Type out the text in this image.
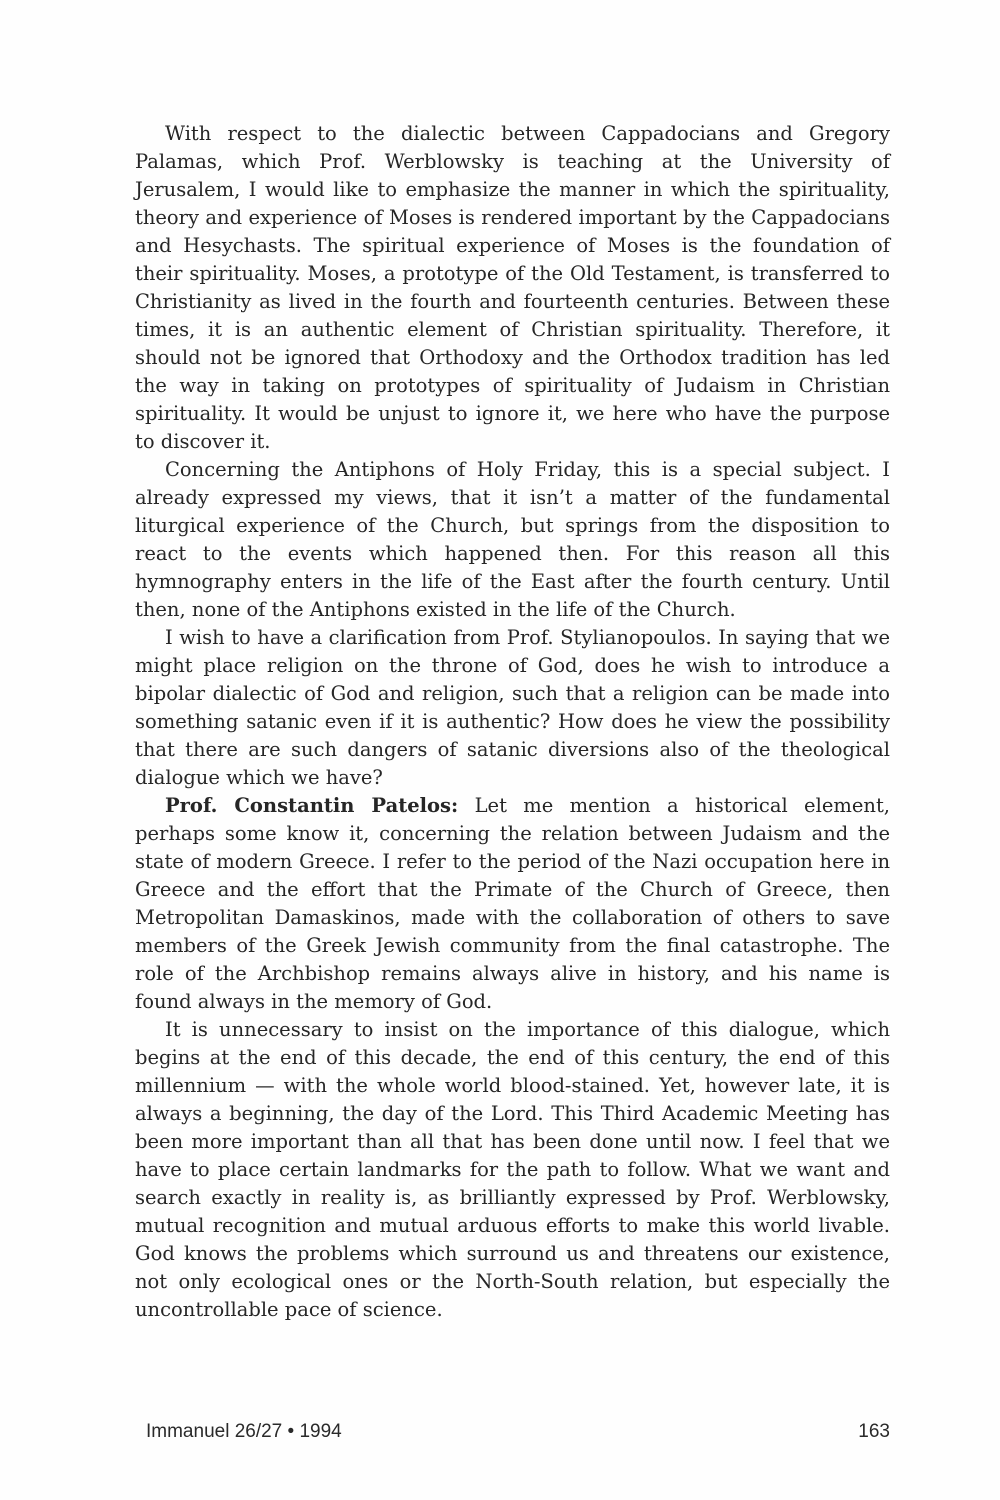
With respect to the dialectic between Cappadocians and Gregory Palamas, which Prof. Werblowsky is teaching at the University of Jerusalem, I would like to emphasize the manner in which the spirituality, theory and experience of Moses is rendered important by the Cappadocians and Hesychasts. The spiritual experience of Moses is the foundation of their spirituality. Moses, a prototype of the Old Testament, is transferred to Christianity as lived in the fourth and fourteenth centuries. Between these times, it is an authentic element of Christian spirituality. Therefore, it should not be ignored that Orthodoxy and the Orthodox tradition has led the way in taking on prototypes of spirituality of Judaism in Christian spirituality. It would be unjust to ignore it, we here who have the purpose to discover it.

Concerning the Antiphons of Holy Friday, this is a special subject. I already expressed my views, that it isn’t a matter of the fundamental liturgical experience of the Church, but springs from the disposition to react to the events which happened then. For this reason all this hymnography enters in the life of the East after the fourth century. Until then, none of the Antiphons existed in the life of the Church.

I wish to have a clarification from Prof. Stylianopoulos. In saying that we might place religion on the throne of God, does he wish to introduce a bipolar dialectic of God and religion, such that a religion can be made into something satanic even if it is authentic? How does he view the possibility that there are such dangers of satanic diversions also of the theological dialogue which we have?

Prof. Constantin Patelos: Let me mention a historical element, perhaps some know it, concerning the relation between Judaism and the state of modern Greece. I refer to the period of the Nazi occupation here in Greece and the effort that the Primate of the Church of Greece, then Metropolitan Damaskinos, made with the collaboration of others to save members of the Greek Jewish community from the final catastrophe. The role of the Archbishop remains always alive in history, and his name is found always in the memory of God.

It is unnecessary to insist on the importance of this dialogue, which begins at the end of this decade, the end of this century, the end of this millennium — with the whole world blood-stained. Yet, however late, it is always a beginning, the day of the Lord. This Third Academic Meeting has been more important than all that has been done until now. I feel that we have to place certain landmarks for the path to follow. What we want and search exactly in reality is, as brilliantly expressed by Prof. Werblowsky, mutual recognition and mutual arduous efforts to make this world livable. God knows the problems which surround us and threatens our existence, not only ecological ones or the North-South relation, but especially the uncontrollable pace of science.

Immanuel 26/27 • 1994	163
